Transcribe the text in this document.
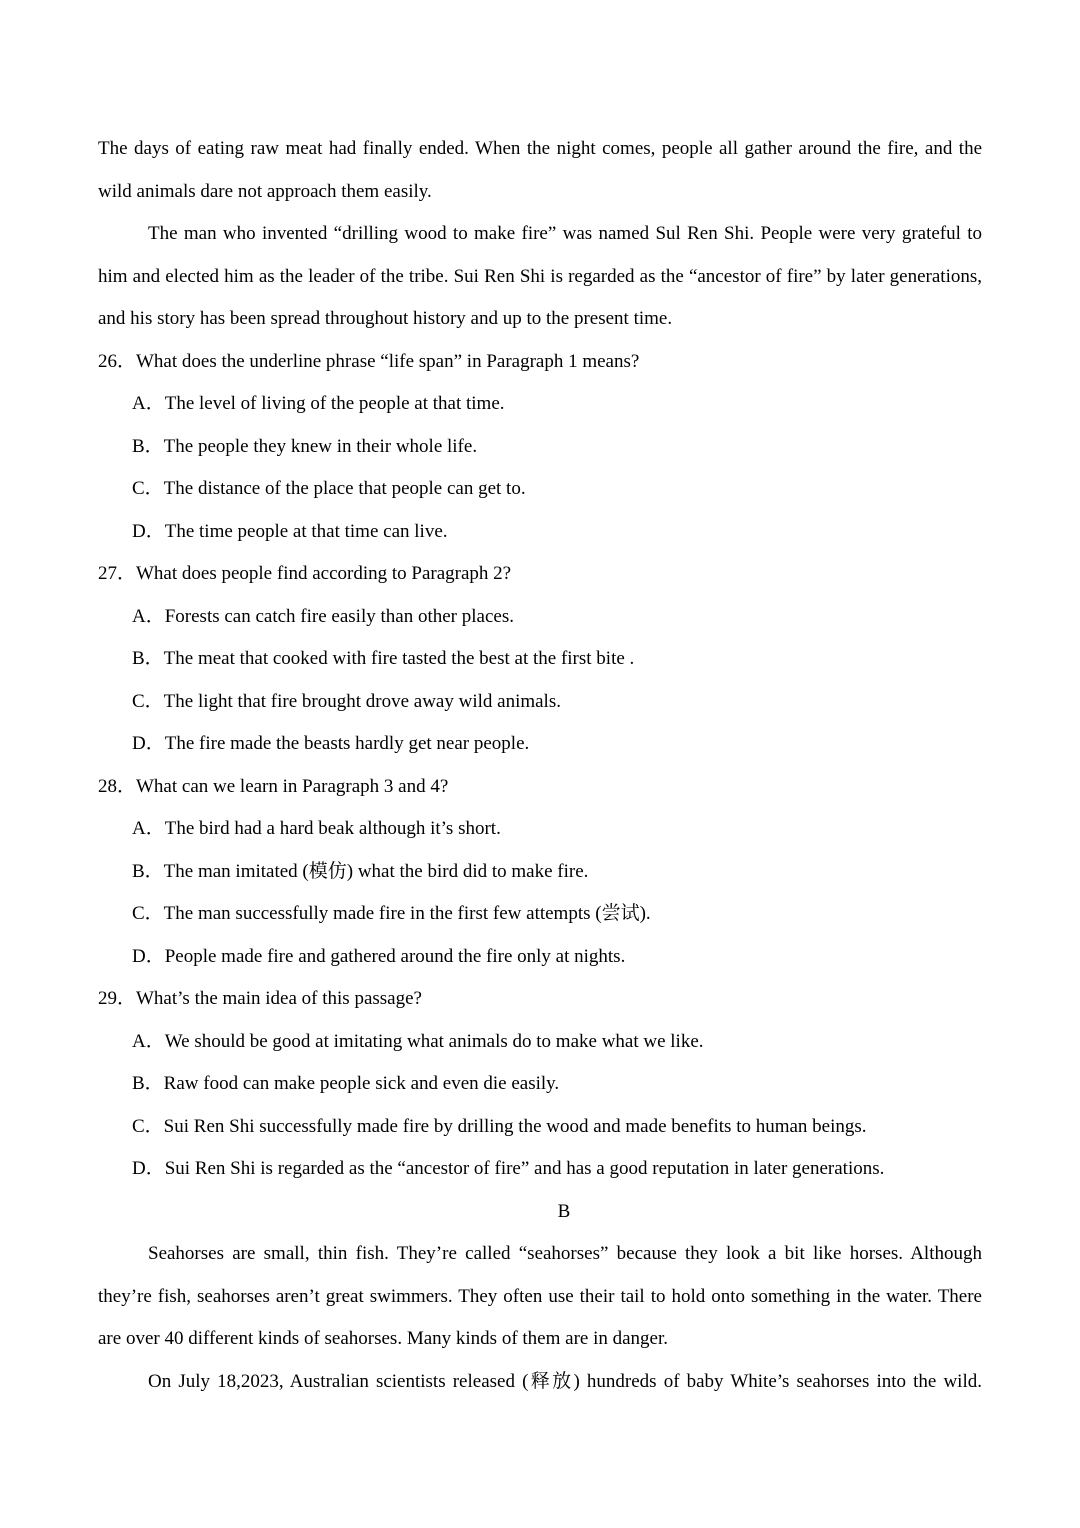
The days of eating raw meat had finally ended. When the night comes, people all gather around the fire, and the wild animals dare not approach them easily.

The man who invented “drilling wood to make fire” was named Sul Ren Shi. People were very grateful to him and elected him as the leader of the tribe. Sui Ren Shi is regarded as the “ancestor of fire” by later generations, and his story has been spread throughout history and up to the present time.

26．What does the underline phrase “life span” in Paragraph 1 means?

A．The level of living of the people at that time.

B．The people they knew in their whole life.

C．The distance of the place that people can get to.

D．The time people at that time can live.

27．What does people find according to Paragraph 2?

A．Forests can catch fire easily than other places.

B．The meat that cooked with fire tasted the best at the first bite .

C．The light that fire brought drove away wild animals.

D．The fire made the beasts hardly get near people.

28．What can we learn in Paragraph 3 and 4?

A．The bird had a hard beak although it’s short.

B．The man imitated (模仿) what the bird did to make fire.

C．The man successfully made fire in the first few attempts (尝试).

D．People made fire and gathered around the fire only at nights.

29．What’s the main idea of this passage?

A．We should be good at imitating what animals do to make what we like.

B．Raw food can make people sick and even die easily.

C．Sui Ren Shi successfully made fire by drilling the wood and made benefits to human beings.

D．Sui Ren Shi is regarded as the “ancestor of fire” and has a good reputation in later generations.

B

Seahorses are small, thin fish. They’re called “seahorses” because they look a bit like horses. Although they’re fish, seahorses aren’t great swimmers. They often use their tail to hold onto something in the water. There are over 40 different kinds of seahorses. Many kinds of them are in danger.

On July 18,2023, Australian scientists released (释放) hundreds of baby White’s seahorses into the wild.
